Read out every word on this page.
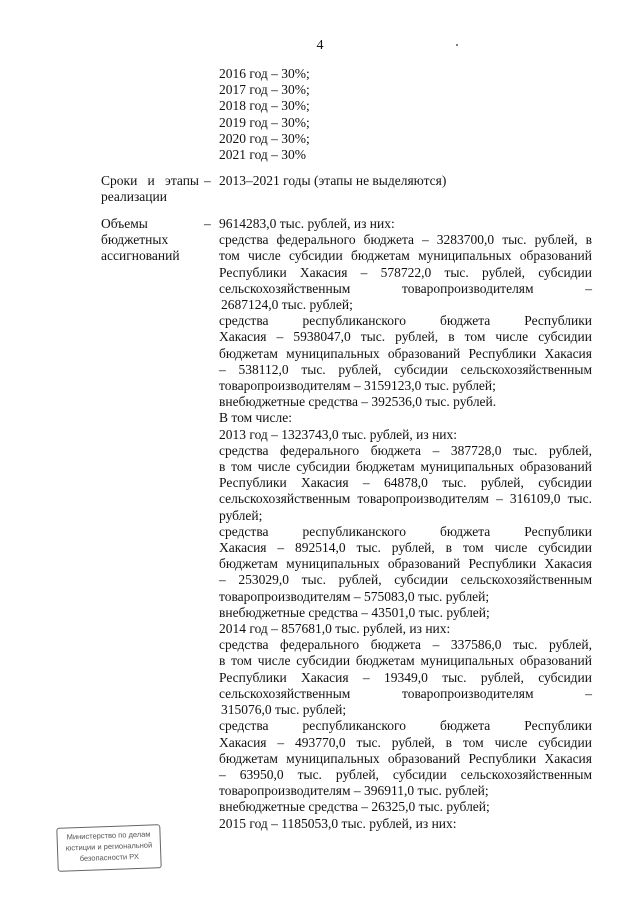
4
2016 год – 30%;
2017 год – 30%;
2018 год – 30%;
2019 год – 30%;
2020 год – 30%;
2021 год – 30%
Сроки и этапы
реализации
– 2013–2021 годы (этапы не выделяются)
Объемы
бюджетных
ассигнований
– 9614283,0 тыс. рублей, из них:
средства федерального бюджета – 3283700,0 тыс. рублей, в
том числе субсидии бюджетам муниципальных образований
Республики Хакасия – 578722,0 тыс. рублей, субсидии
сельскохозяйственным товаропроизводителям –
2687124,0 тыс. рублей;
средства республиканского бюджета Республики
Хакасия – 5938047,0 тыс. рублей, в том числе субсидии
бюджетам муниципальных образований Республики Хакасия
– 538112,0 тыс. рублей, субсидии сельскохозяйственным
товаропроизводителям – 3159123,0 тыс. рублей;
внебюджетные средства – 392536,0 тыс. рублей.
В том числе:
2013 год – 1323743,0 тыс. рублей, из них:
средства федерального бюджета – 387728,0 тыс. рублей,
в том числе субсидии бюджетам муниципальных образований
Республики Хакасия – 64878,0 тыс. рублей, субсидии
сельскохозяйственным товаропроизводителям – 316109,0 тыс.
рублей;
средства республиканского бюджета Республики
Хакасия – 892514,0 тыс. рублей, в том числе субсидии
бюджетам муниципальных образований Республики Хакасия
– 253029,0 тыс. рублей, субсидии сельскохозяйственным
товаропроизводителям – 575083,0 тыс. рублей;
внебюджетные средства – 43501,0 тыс. рублей;
2014 год – 857681,0 тыс. рублей, из них:
средства федерального бюджета – 337586,0 тыс. рублей,
в том числе субсидии бюджетам муниципальных образований
Республики Хакасия – 19349,0 тыс. рублей, субсидии
сельскохозяйственным товаропроизводителям –
315076,0 тыс. рублей;
средства республиканского бюджета Республики
Хакасия – 493770,0 тыс. рублей, в том числе субсидии
бюджетам муниципальных образований Республики Хакасия
– 63950,0 тыс. рублей, субсидии сельскохозяйственным
товаропроизводителям – 396911,0 тыс. рублей;
внебюджетные средства – 26325,0 тыс. рублей;
2015 год – 1185053,0 тыс. рублей, из них:
Министерство по делам
юстиции и региональной
безопасности РХ
